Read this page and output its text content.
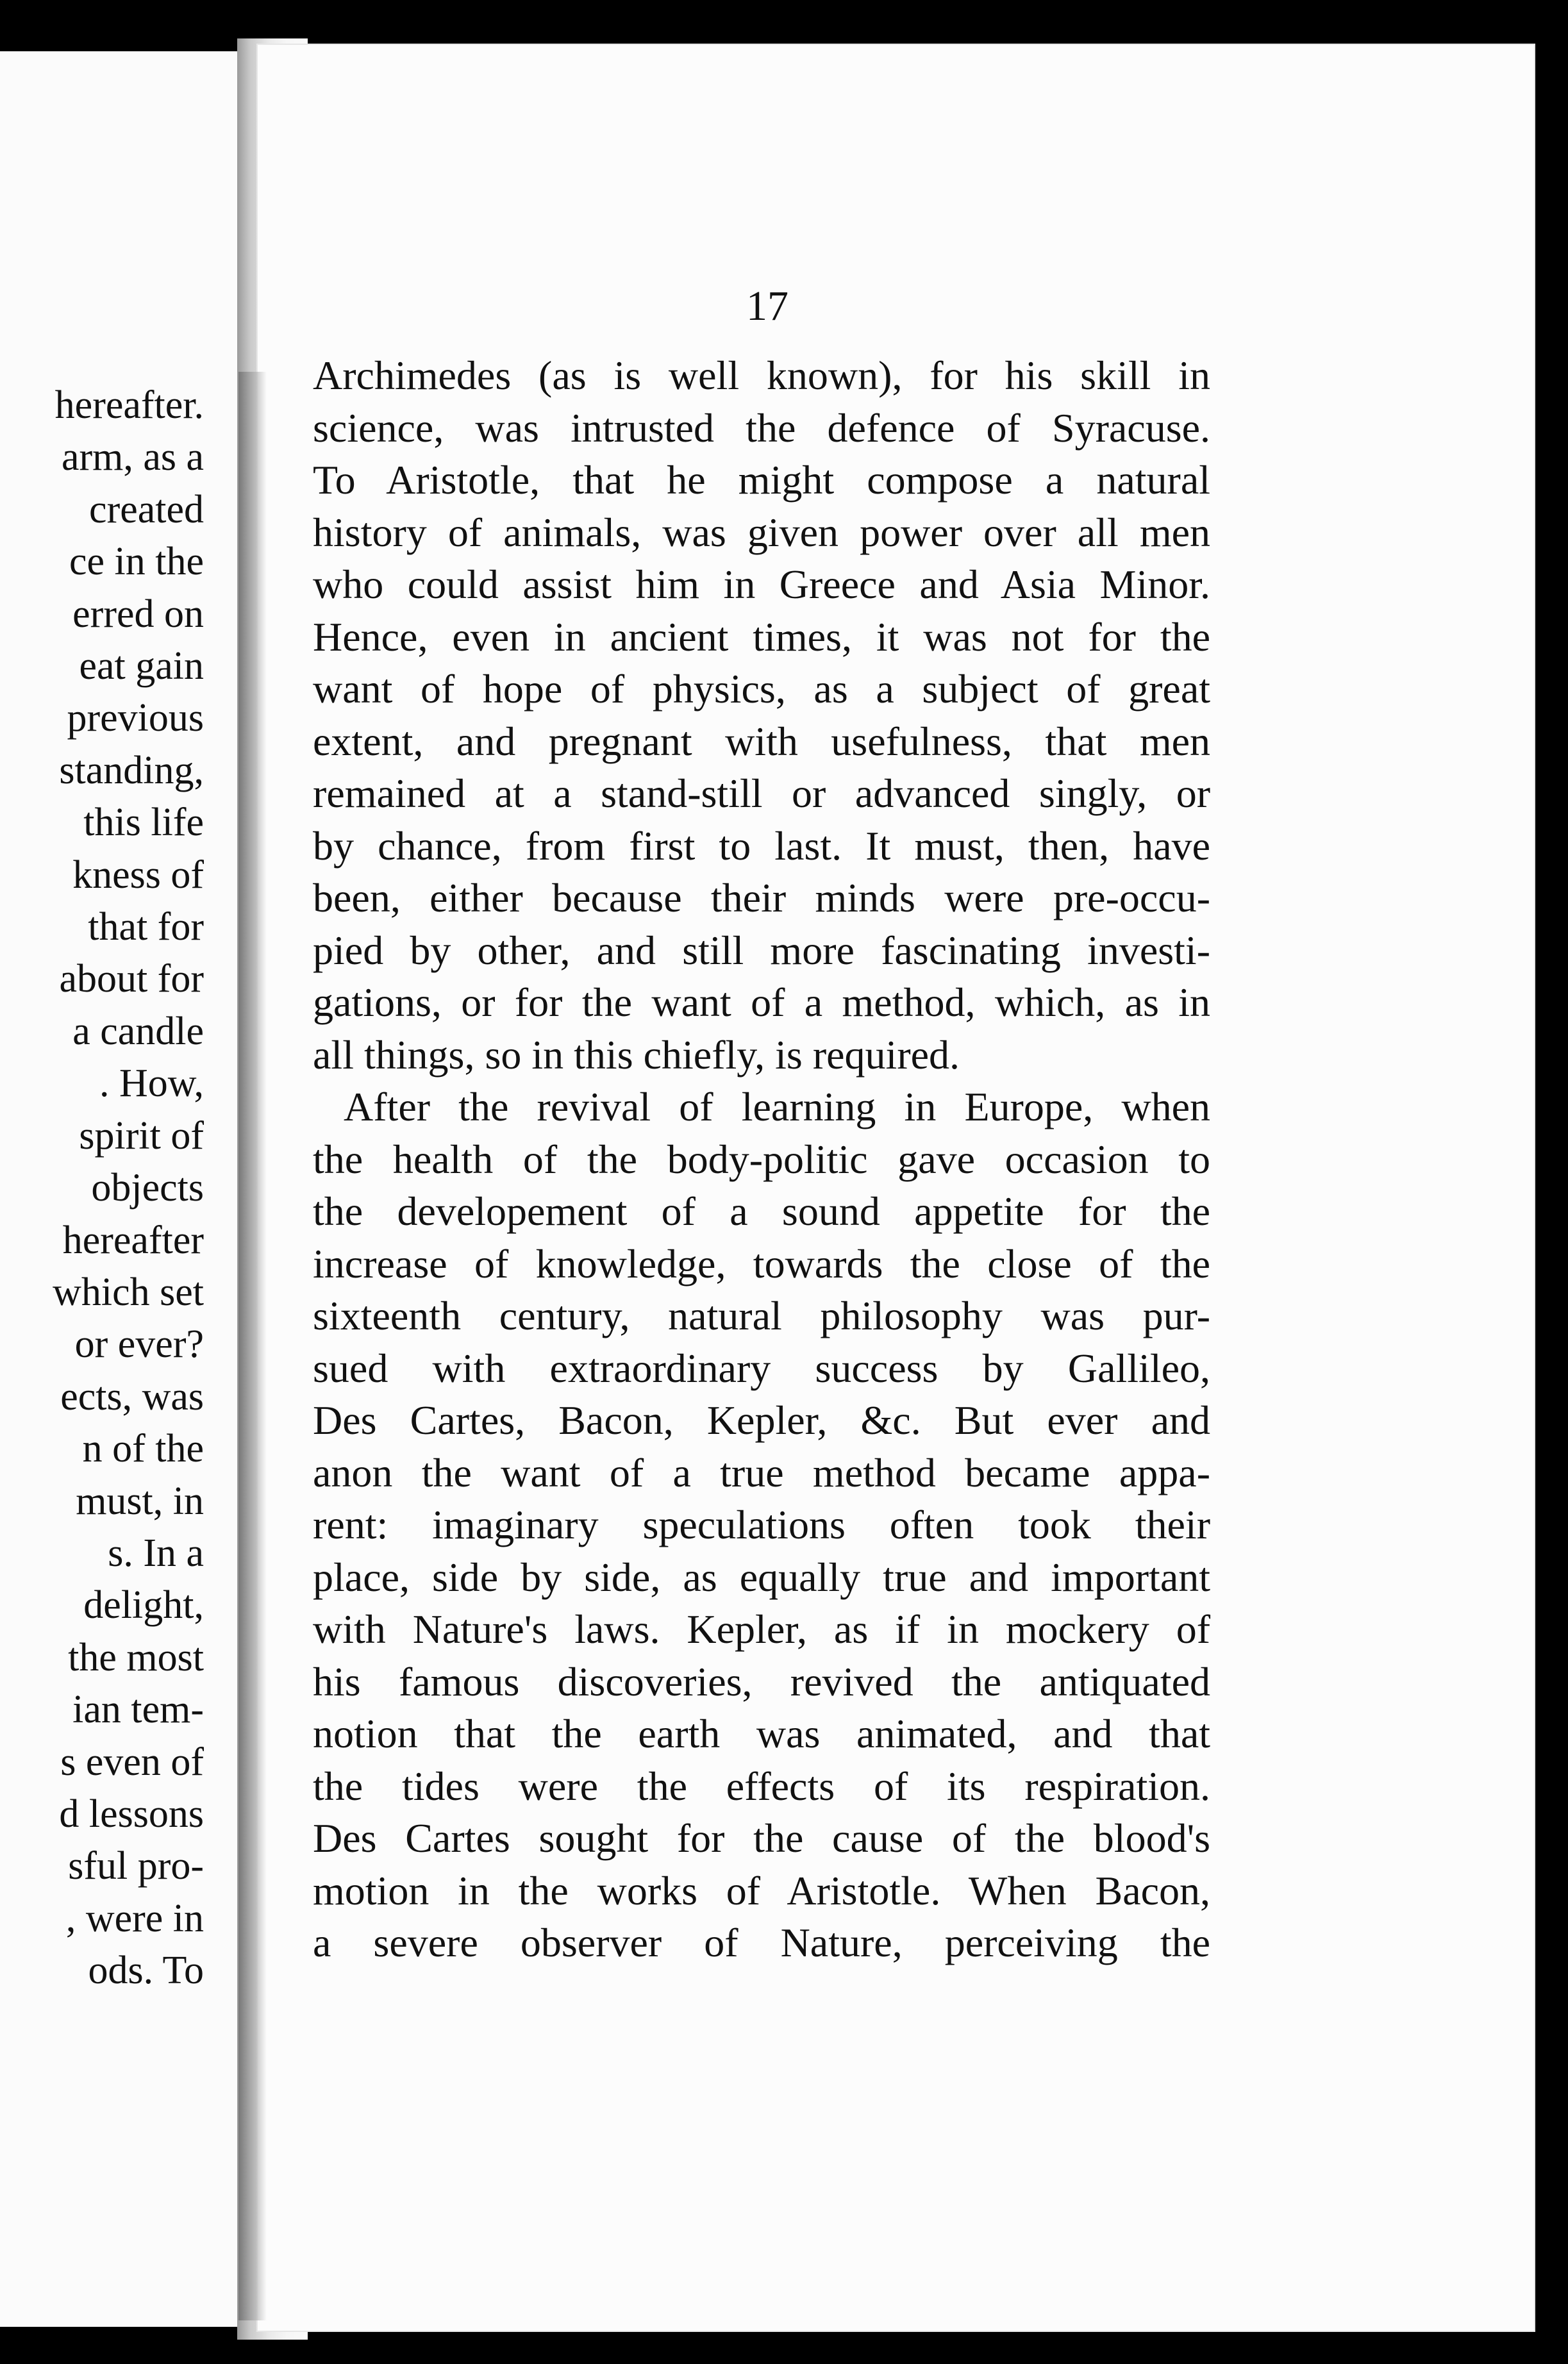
hereafter.
arm, as a
created
ce in the
erred on
eat gain
previous
standing,
this life
kness of
that for
about for
a candle
. How,
spirit of
objects
hereafter
which set
or ever?
ects, was
n of the
must, in
s. In a
delight,
the most
ian tem-
s even of
d lessons
sful pro-
, were in
ods. To

17

Archimedes (as is well known), for his skill in
science, was intrusted the defence of Syracuse.
To Aristotle, that he might compose a natural
history of animals, was given power over all men
who could assist him in Greece and Asia Minor.
Hence, even in ancient times, it was not for the
want of hope of physics, as a subject of great
extent, and pregnant with usefulness, that men
remained at a stand-still or advanced singly, or
by chance, from first to last. It must, then, have
been, either because their minds were pre-occu-
pied by other, and still more fascinating investi-
gations, or for the want of a method, which, as in
all things, so in this chiefly, is required.

After the revival of learning in Europe, when
the health of the body-politic gave occasion to
the developement of a sound appetite for the
increase of knowledge, towards the close of the
sixteenth century, natural philosophy was pur-
sued with extraordinary success by Gallileo,
Des Cartes, Bacon, Kepler, &c. But ever and
anon the want of a true method became appa-
rent: imaginary speculations often took their
place, side by side, as equally true and important
with Nature's laws. Kepler, as if in mockery of
his famous discoveries, revived the antiquated
notion that the earth was animated, and that
the tides were the effects of its respiration.
Des Cartes sought for the cause of the blood's
motion in the works of Aristotle. When Bacon,
a severe observer of Nature, perceiving the
